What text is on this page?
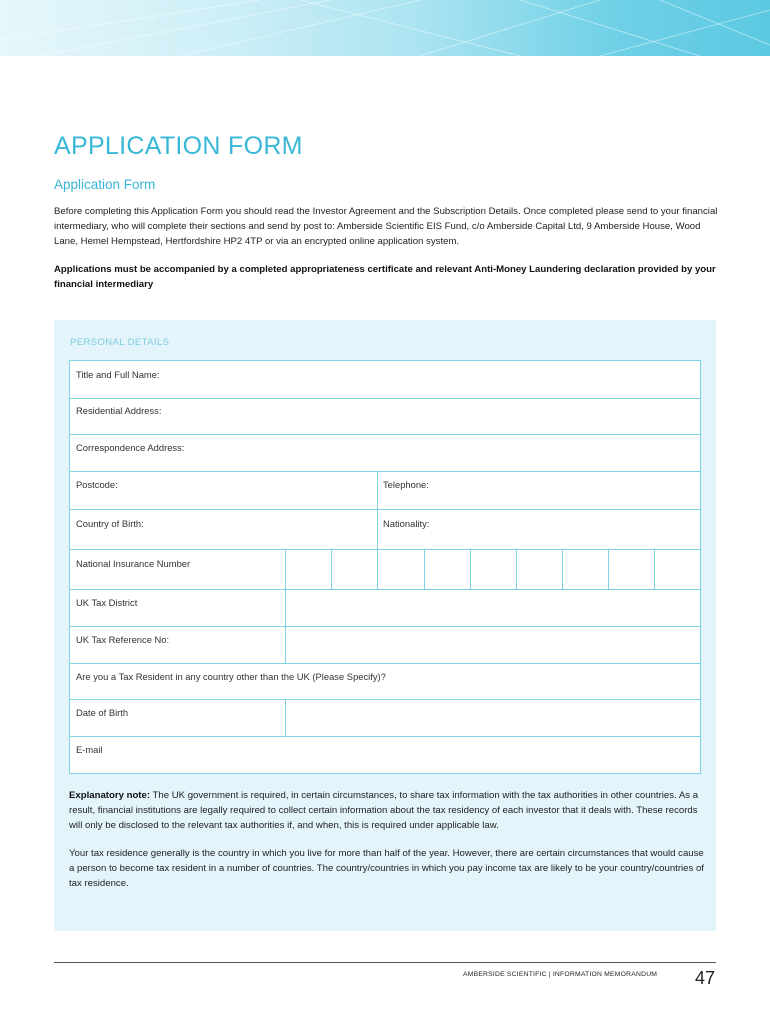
APPLICATION FORM
Application Form
Before completing this Application Form you should read the Investor Agreement and the Subscription Details. Once completed please send to your financial intermediary, who will complete their sections and send by post to: Amberside Scientific EIS Fund, c/o Amberside Capital Ltd, 9 Amberside House, Wood Lane, Hemel Hempstead, Hertfordshire HP2 4TP or via an encrypted online application system.
Applications must be accompanied by a completed appropriateness certificate and relevant Anti-Money Laundering declaration provided by your financial intermediary
PERSONAL DETAILS
Title and Full Name:
Residential Address:
Correspondence Address:
Postcode:	Telephone:
Country of Birth:	Nationality:
National Insurance Number
UK Tax District
UK Tax Reference No:
Are you a Tax Resident in any country other than the UK (Please Specify)?
Date of Birth
E-mail

Explanatory note: The UK government is required, in certain circumstances, to share tax information with the tax authorities in other countries. As a result, financial institutions are legally required to collect certain information about the tax residency of each investor that it deals with. These records will only be disclosed to the relevant tax authorities if, and when, this is required under applicable law.

Your tax residence generally is the country in which you live for more than half of the year. However, there are certain circumstances that would cause a person to become tax resident in a number of countries. The country/countries in which you pay income tax are likely to be your country/countries of tax residence.

AMBERSIDE SCIENTIFIC | INFORMATION MEMORANDUM 47
